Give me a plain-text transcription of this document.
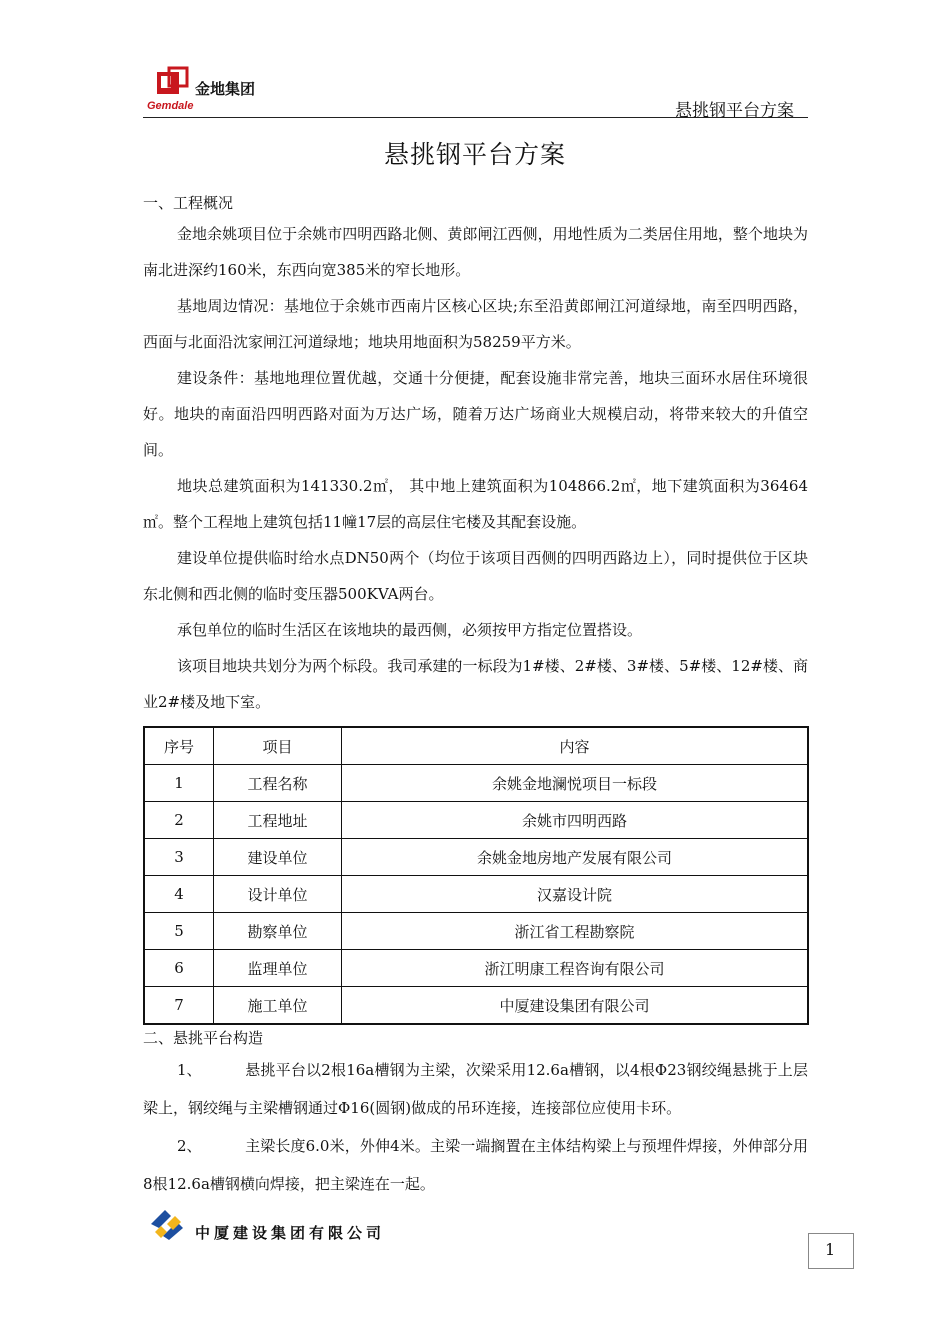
金地集团
Gemdale	悬挑钢平台方案
悬挑钢平台方案

一、工程概况

金地余姚项目位于余姚市四明西路北侧、黄郎闸江西侧，用地性质为二类居住用地，整个地块为南北进深约160米，东西向宽385米的窄长地形。

基地周边情况：基地位于余姚市西南片区核心区块;东至沿黄郎闸江河道绿地，南至四明西路，西面与北面沿沈家闸江河道绿地；地块用地面积为58259平方米。

建设条件：基地地理位置优越，交通十分便捷，配套设施非常完善，地块三面环水居住环境很好。地块的南面沿四明西路对面为万达广场，随着万达广场商业大规模启动，将带来较大的升值空间。

地块总建筑面积为141330.2㎡， 其中地上建筑面积为104866.2㎡，地下建筑面积为36464㎡。整个工程地上建筑包括11幢17层的高层住宅楼及其配套设施。

建设单位提供临时给水点DN50两个（均位于该项目西侧的四明西路边上），同时提供位于区块东北侧和西北侧的临时变压器500KVA两台。

承包单位的临时生活区在该地块的最西侧，必须按甲方指定位置搭设。

该项目地块共划分为两个标段。我司承建的一标段为1#楼、2#楼、3#楼、5#楼、12#楼、商业2#楼及地下室。

序号	项目	内容
1	工程名称	余姚金地澜悦项目一标段
2	工程地址	余姚市四明西路
3	建设单位	余姚金地房地产发展有限公司
4	设计单位	汉嘉设计院
5	勘察单位	浙江省工程勘察院
6	监理单位	浙江明康工程咨询有限公司
7	施工单位	中厦建设集团有限公司

二、悬挑平台构造

1、	悬挑平台以2根16a槽钢为主梁，次梁采用12.6a槽钢，以4根Φ23钢绞绳悬挑于上层梁上，钢绞绳与主梁槽钢通过Φ16(圆钢)做成的吊环连接，连接部位应使用卡环。

2、	主梁长度6.0米，外伸4米。主梁一端搁置在主体结构梁上与预埋件焊接，外伸部分用8根12.6a槽钢横向焊接，把主梁连在一起。

中厦建设集团有限公司
1
